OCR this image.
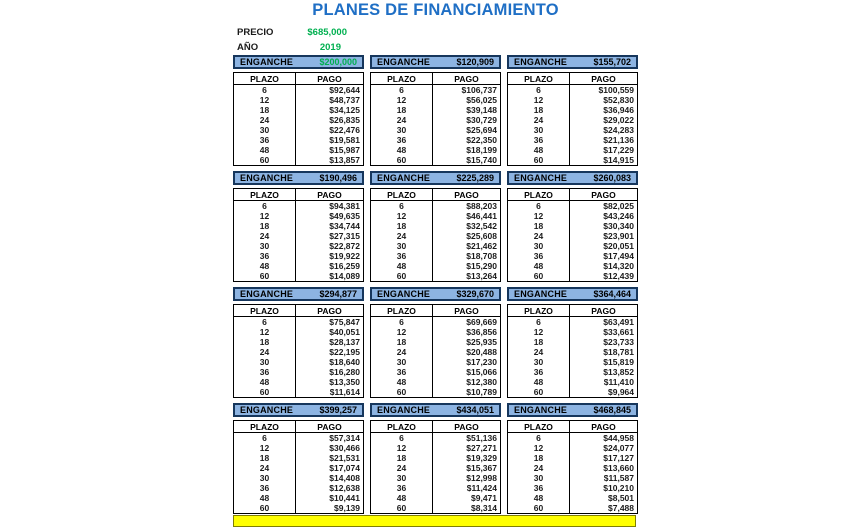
PLANES DE FINANCIAMIENTO
PRECIO	$685,000
AÑO	2019
ENGANCHE	$200,000
PLAZO	PAGO
6	$92,644
12	$48,737
18	$34,125
24	$26,835
30	$22,476
36	$19,581
48	$15,987
60	$13,857
ENGANCHE	$120,909
PLAZO	PAGO
6	$106,737
12	$56,025
18	$39,148
24	$30,729
30	$25,694
36	$22,350
48	$18,199
60	$15,740
ENGANCHE	$155,702
PLAZO	PAGO
6	$100,559
12	$52,830
18	$36,946
24	$29,022
30	$24,283
36	$21,136
48	$17,229
60	$14,915
ENGANCHE	$190,496
PLAZO	PAGO
6	$94,381
12	$49,635
18	$34,744
24	$27,315
30	$22,872
36	$19,922
48	$16,259
60	$14,089
ENGANCHE	$225,289
PLAZO	PAGO
6	$88,203
12	$46,441
18	$32,542
24	$25,608
30	$21,462
36	$18,708
48	$15,290
60	$13,264
ENGANCHE	$260,083
PLAZO	PAGO
6	$82,025
12	$43,246
18	$30,340
24	$23,901
30	$20,051
36	$17,494
48	$14,320
60	$12,439
ENGANCHE	$294,877
PLAZO	PAGO
6	$75,847
12	$40,051
18	$28,137
24	$22,195
30	$18,640
36	$16,280
48	$13,350
60	$11,614
ENGANCHE	$329,670
PLAZO	PAGO
6	$69,669
12	$36,856
18	$25,935
24	$20,488
30	$17,230
36	$15,066
48	$12,380
60	$10,789
ENGANCHE	$364,464
PLAZO	PAGO
6	$63,491
12	$33,661
18	$23,733
24	$18,781
30	$15,819
36	$13,852
48	$11,410
60	$9,964
ENGANCHE	$399,257
PLAZO	PAGO
6	$57,314
12	$30,466
18	$21,531
24	$17,074
30	$14,408
36	$12,638
48	$10,441
60	$9,139
ENGANCHE	$434,051
PLAZO	PAGO
6	$51,136
12	$27,271
18	$19,329
24	$15,367
30	$12,998
36	$11,424
48	$9,471
60	$8,314
ENGANCHE	$468,845
PLAZO	PAGO
6	$44,958
12	$24,077
18	$17,127
24	$13,660
30	$11,587
36	$10,210
48	$8,501
60	$7,488
